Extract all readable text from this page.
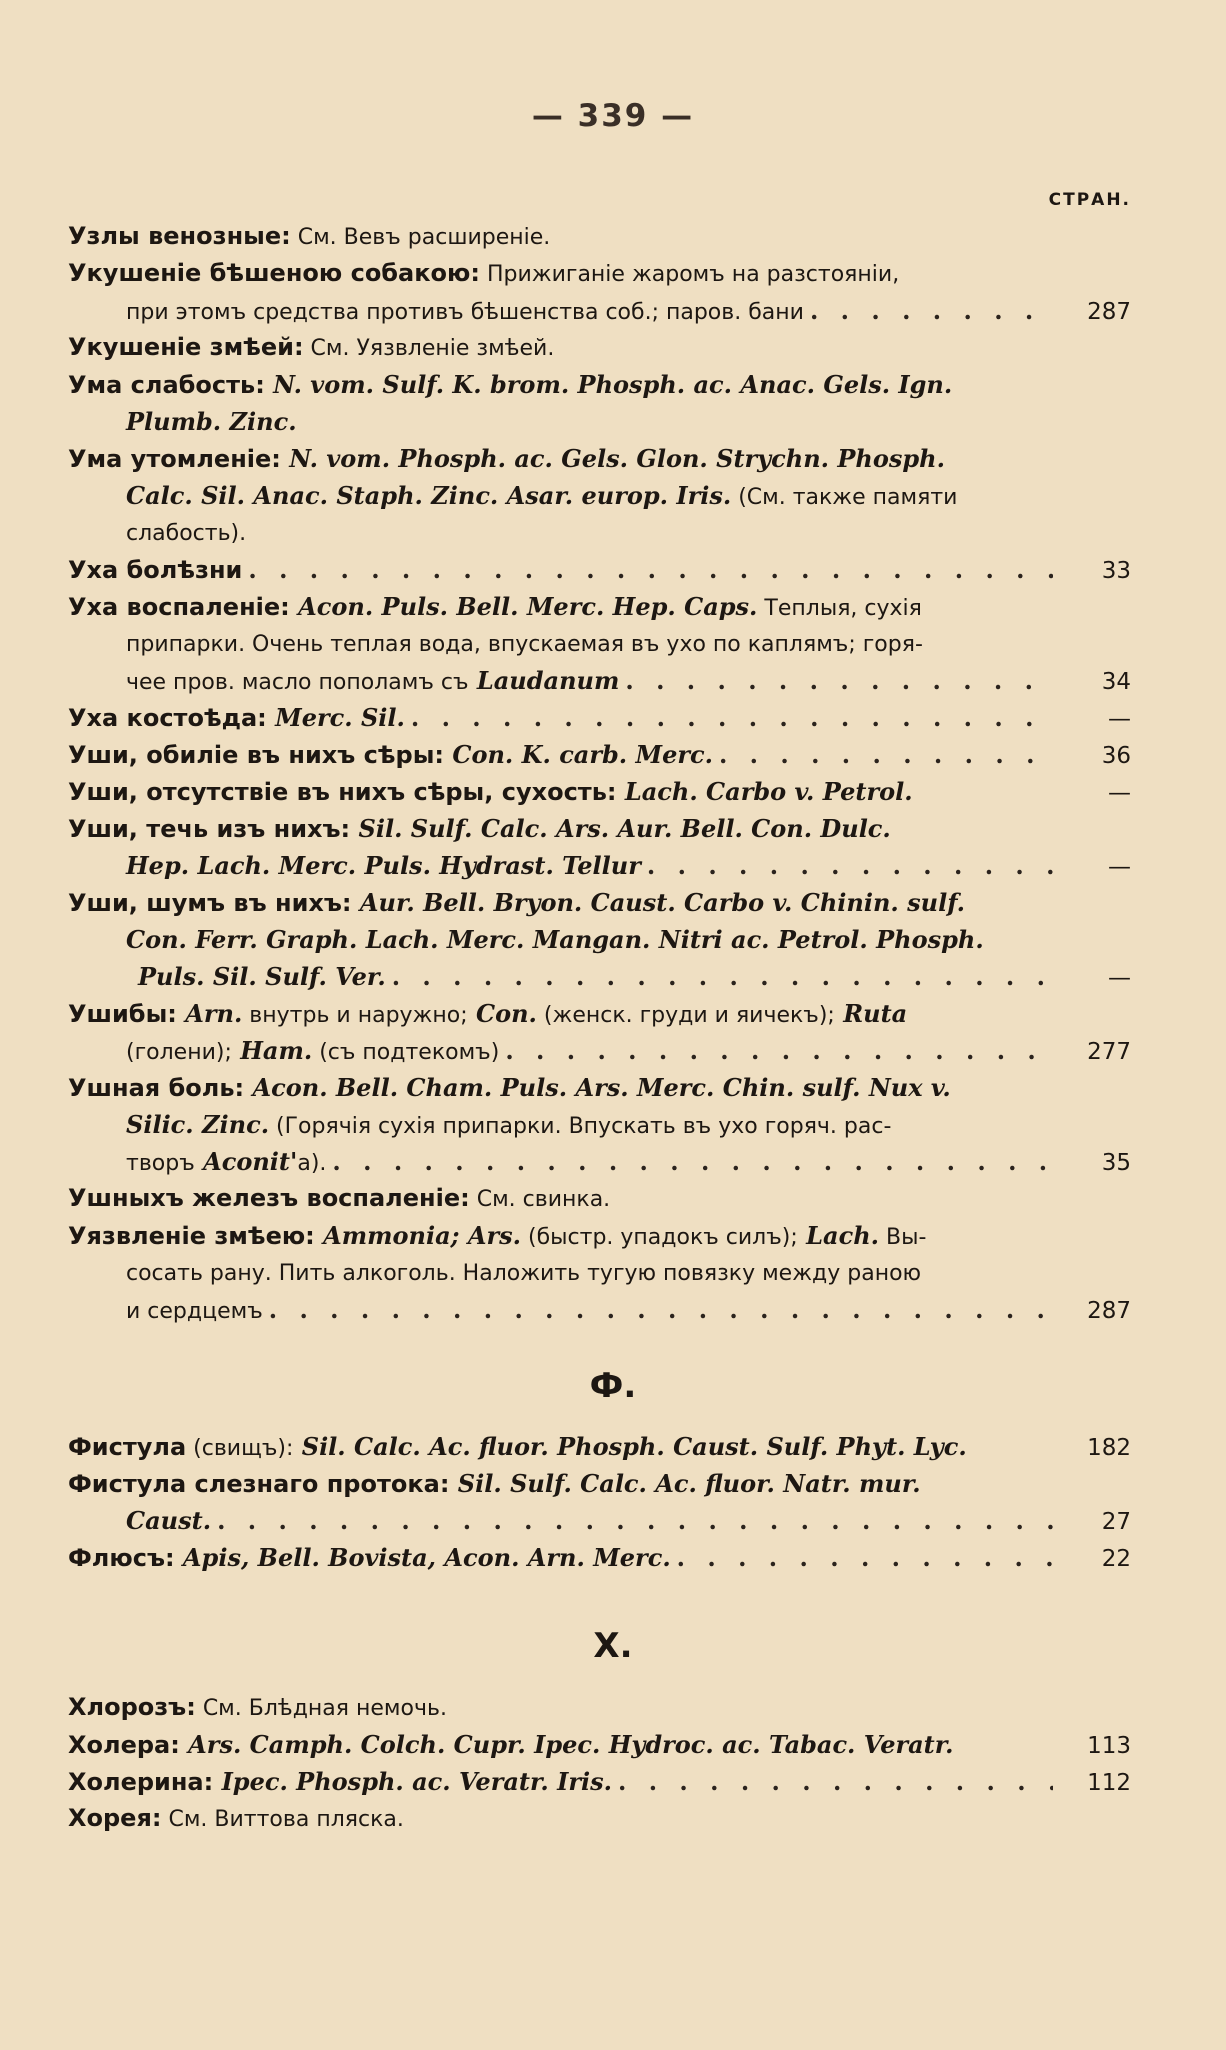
— 339 —
СТРАН.
Узлы венозные: См. Вевъ расширеніе.
Укушеніе бѣшеною собакою: Прижиганіе жаромъ на разстояніи,
при этомъ средства противъ бѣшенства соб.; паров. бани . . .	287
Укушеніе змѣей: См. Уязвленіе змѣей.
Ума слабость: N. vom. Sulf. K. brom. Phosph. ac. Anac. Gels. Ign.
Plumb. Zinc.
Ума утомленіе: N. vom. Phosph. ac. Gels. Glon. Strychn. Phosph.
Calc. Sil. Anac. Staph. Zinc. Asar. europ. Iris. (См. также памяти
слабость).
Уха болѣзни . . .	33
Уха воспаленіе: Acon. Puls. Bell. Merc. Hep. Caps. Теплыя, сухія
припарки. Очень теплая вода, впускаемая въ ухо по каплямъ; горя-
чее пров. масло пополамъ съ Laudanum . . .	34
Уха костоѣда: Merc. Sil. . . .	—
Уши, обиліе въ нихъ сѣры: Con. K. carb. Merc. . . .	36
Уши, отсутствіе въ нихъ сѣры, сухость: Lach. Carbo v. Petrol.	—
Уши, течь изъ нихъ: Sil. Sulf. Calc. Ars. Aur. Bell. Con. Dulc.
Hep. Lach. Merc. Puls. Hydrast. Tellur . . .	—
Уши, шумъ въ нихъ: Aur. Bell. Bryon. Caust. Carbo v. Chinin. sulf.
Con. Ferr. Graph. Lach. Merc. Mangan. Nitri ac. Petrol. Phosph.
Puls. Sil. Sulf. Ver. . . .	—
Ушибы: Arn. внутрь и наружно; Con. (женск. груди и яичекъ); Ruta
(голени); Ham. (съ подтекомъ) . . .	277
Ушная боль: Acon. Bell. Cham. Puls. Ars. Merc. Chin. sulf. Nux v.
Silic. Zinc. (Горячія сухія припарки. Впускать въ ухо горяч. рас-
творъ Aconit'а). . . .	35
Ушныхъ железъ воспаленіе: См. свинка.
Уязвленіе змѣею: Ammonia; Ars. (быстр. упадокъ силъ); Lach. Вы-
сосать рану. Пить алкоголь. Наложить тугую повязку между раною
и сердцемъ . . .	287
Ф.
Фистула (свищъ): Sil. Calc. Ac. fluor. Phosph. Caust. Sulf. Phyt. Lyc.	182
Фистула слезнаго протока: Sil. Sulf. Calc. Ac. fluor. Natr. mur.
Caust. . . .	27
Флюсъ: Apis, Bell. Bovista, Acon. Arn. Merc. . . .	22
Х.
Хлорозъ: См. Блѣдная немочь.
Холера: Ars. Camph. Colch. Cupr. Ipec. Hydroc. ac. Tabac. Veratr.	113
Холерина: Ipec. Phosph. ac. Veratr. Iris. . . .	112
Хорея: См. Виттова пляска.
